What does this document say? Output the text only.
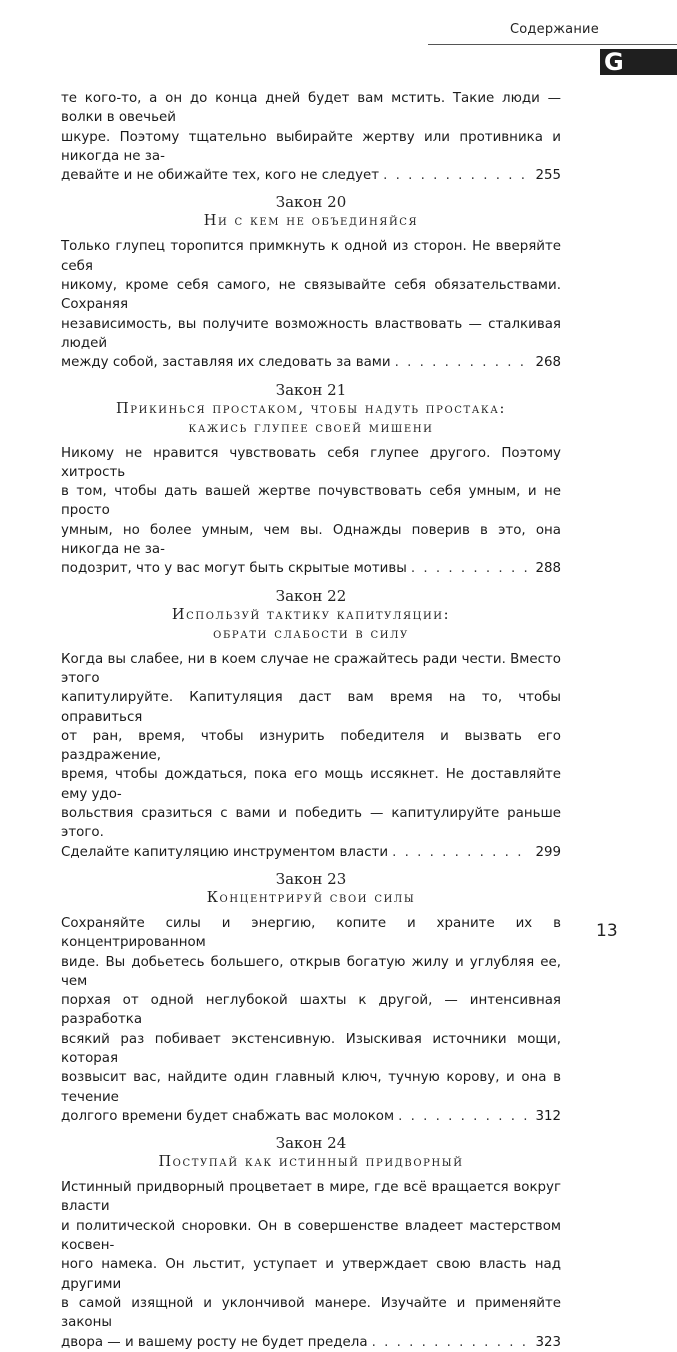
Содержание
G

те кого-то, а он до конца дней будет вам мстить. Такие люди — волки в овечьей

шкуре. Поэтому тщательно выбирайте жертву или противника и никогда не за-

девайте и не обижайте тех, кого не следует . . .	255
Закон 20
Ни с кем не объединяйся

Только глупец торопится примкнуть к одной из сторон. Не вверяйте себя

никому, кроме себя самого, не связывайте себя обязательствами. Сохраняя

независимость, вы получите возможность властвовать — сталкивая людей

между собой, заставляя их следовать за вами . . .	268
Закон 21
Прикинься простаком, чтобы надуть простака:
кажись глупее своей мишени

Никому не нравится чувствовать себя глупее другого. Поэтому хитрость

в том, чтобы дать вашей жертве почувствовать себя умным, и не просто

умным, но более умным, чем вы. Однажды поверив в это, она никогда не за-

подозрит, что у вас могут быть скрытые мотивы . . .	288
Закон 22
Используй тактику капитуляции:
обрати слабости в силу

Когда вы слабее, ни в коем случае не сражайтесь ради чести. Вместо этого

капитулируйте. Капитуляция даст вам время на то, чтобы оправиться

от ран, время, чтобы изнурить победителя и вызвать его раздражение,

время, чтобы дождаться, пока его мощь иссякнет. Не доставляйте ему удо-

вольствия сразиться с вами и победить — капитулируйте раньше этого.

Сделайте капитуляцию инструментом власти . . .	299
Закон 23
Концентрируй свои силы

Сохраняйте силы и энергию, копите и храните их в концентрированном

виде. Вы добьетесь большего, открыв богатую жилу и углубляя ее, чем

порхая от одной неглубокой шахты к другой, — интенсивная разработка

всякий раз побивает экстенсивную. Изыскивая источники мощи, которая

возвысит вас, найдите один главный ключ, тучную корову, и она в течение

долгого времени будет снабжать вас молоком . . .	312
Закон 24
Поступай как истинный придворный

Истинный придворный процветает в мире, где всё вращается вокруг власти

и политической сноровки. Он в совершенстве владеет мастерством косвен-

ного намека. Он льстит, уступает и утверждает свою власть над другими

в самой изящной и уклончивой манере. Изучайте и применяйте законы

двора — и вашему росту не будет предела . . .	323
13
